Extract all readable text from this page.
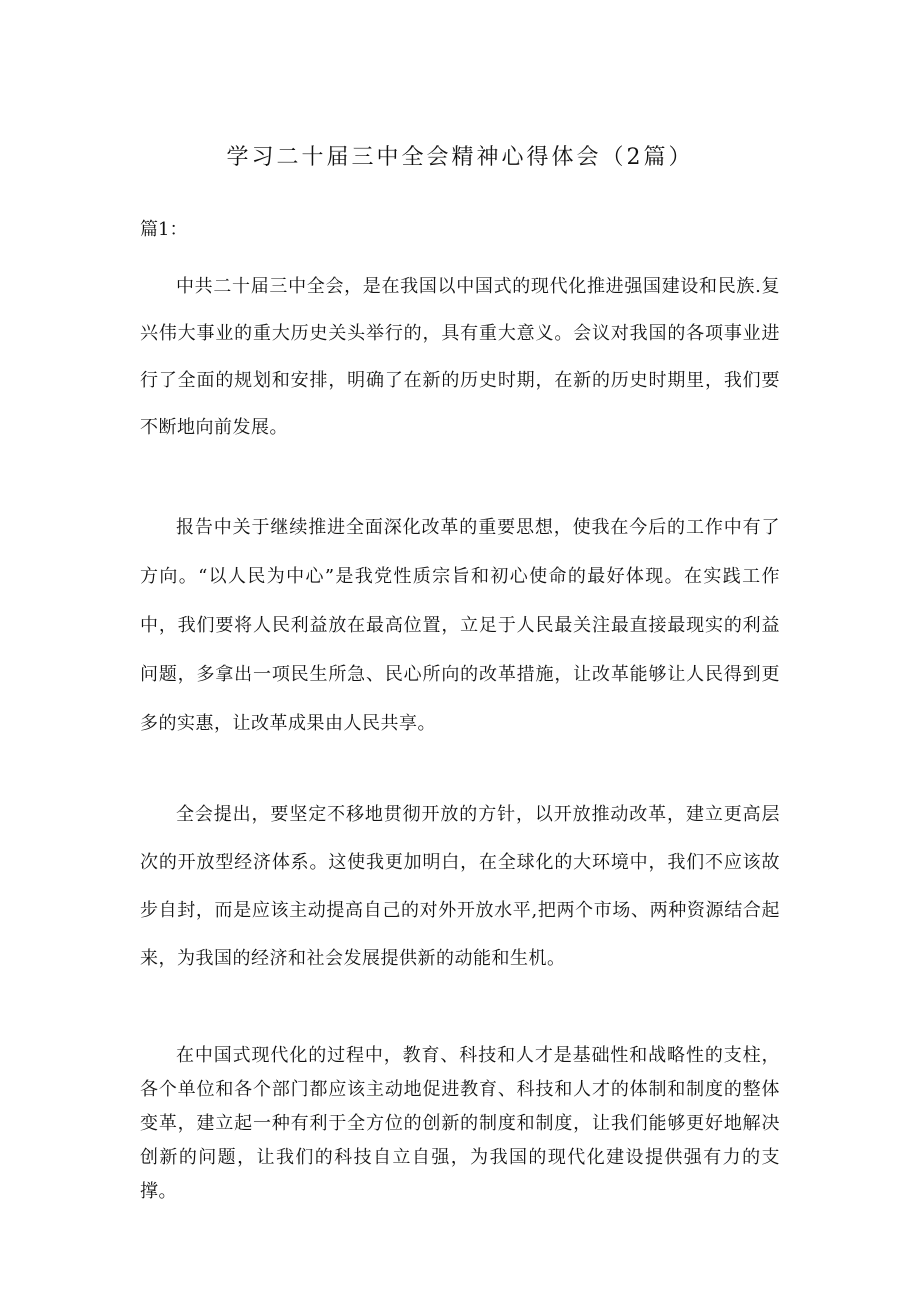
学习二十届三中全会精神心得体会（2篇）

篇1：

中共二十届三中全会，是在我国以中国式的现代化推进强国建设和民族.复兴伟大事业的重大历史关头举行的，具有重大意义。会议对我国的各项事业进行了全面的规划和安排，明确了在新的历史时期，在新的历史时期里，我们要不断地向前发展。

报告中关于继续推进全面深化改革的重要思想，使我在今后的工作中有了方向。“以人民为中心”是我党性质宗旨和初心使命的最好体现。在实践工作中，我们要将人民利益放在最高位置，立足于人民最关注最直接最现实的利益问题，多拿出一项民生所急、民心所向的改革措施，让改革能够让人民得到更多的实惠，让改革成果由人民共享。

全会提出，要坚定不移地贯彻开放的方针，以开放推动改革，建立更高层次的开放型经济体系。这使我更加明白，在全球化的大环境中，我们不应该故步自封，而是应该主动提高自己的对外开放水平,把两个市场、两种资源结合起来，为我国的经济和社会发展提供新的动能和生机。

在中国式现代化的过程中，教育、科技和人才是基础性和战略性的支柱，各个单位和各个部门都应该主动地促进教育、科技和人才的体制和制度的整体变革，建立起一种有利于全方位的创新的制度和制度，让我们能够更好地解决创新的问题，让我们的科技自立自强，为我国的现代化建设提供强有力的支撑。
